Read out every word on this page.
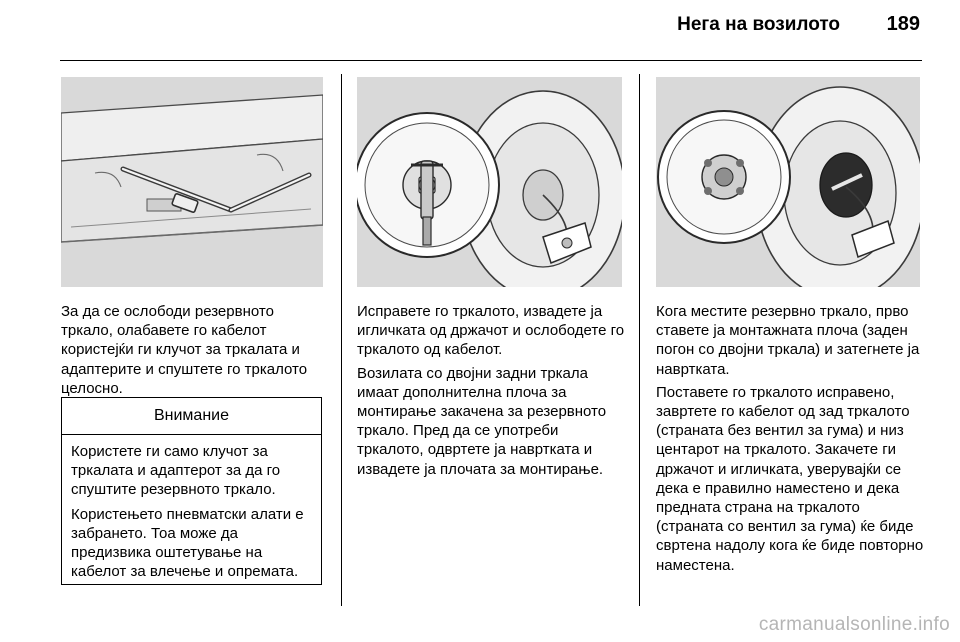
Нега на возилото	189

За да се ослободи резервното тркало, олабавете го кабелот користејќи ги клучот за тркалата и адаптерите и спуштете го тркалото целосно.

Внимание

Користете ги само клучот за тркалата и адаптерот за да го спуштите резервното тркало.

Користењето пневматски алати е забрането. Тоа може да предизвика оштетување на кабелот за влечење и опремата.

Исправете го тркалото, извадете ја игличката од држачот и ослободете го тркалото од кабелот.

Возилата со двојни задни тркала имаат дополнителна плоча за монтирање закачена за резервното тркало. Пред да се употреби тркалото, одвртете ја навртката и извадете ја плочата за монтирање.

Кога местите резервно тркало, прво ставете ја монтажната плоча (заден погон со двојни тркала) и затегнете ја навртката.

Поставете го тркалото исправено, завртете го кабелот од зад тркалото (страната без вентил за гума) и низ центарот на тркалото. Закачете ги држачот и игличката, уверувајќи се дека е правилно наместено и дека предната страна на тркалото (страната со вентил за гума) ќе биде свртена надолу кога ќе биде повторно наместена.

carmanualsonline.info
